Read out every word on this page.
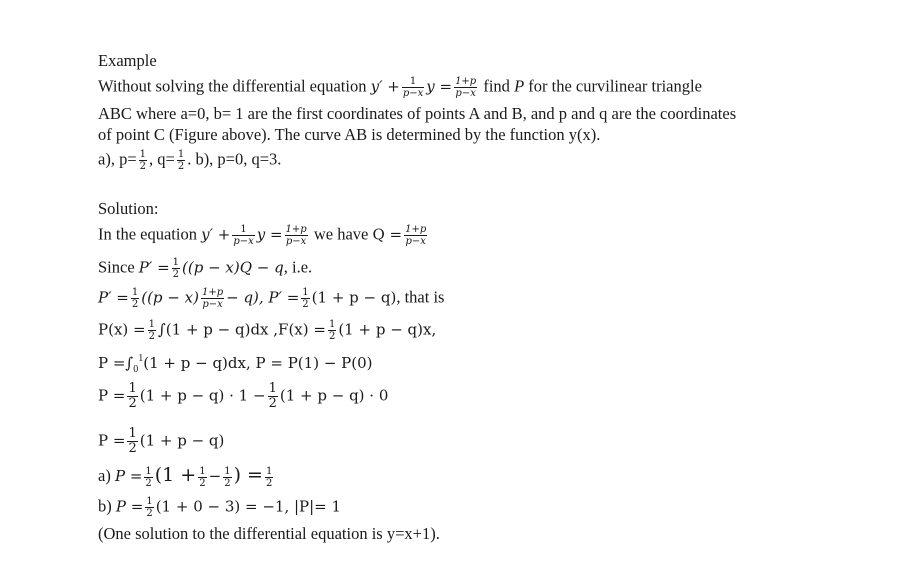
Example
Without solving the differential equation $y' + \frac{1}{p-x}$ $y = \frac{1+p}{p-x}$ find P for the curvilinear triangle
ABC where a=0, b= 1 are the first coordinates of points A and B, and p and q are the coordinates
of point C (Figure above). The curve AB is determined by the function y(x).
a), $p= \frac{1}{2}$ , $q= \frac{1}{2}$ . b), p=0, q=3.
Solution:
In the equation $y' + \frac{1}{p-x}$ $y = \frac{1+p}{p-x}$ we have $Q = \frac{1+p}{p-x}$
Since $P' = \frac{1}{2} ((p - x)Q - q$, i.e.
$P' = \frac{1}{2} ((p - x) \frac{1+p}{p-x} - q)$, $P' = \frac{1}{2} (1 + p - q)$, that is
$P(x) = \frac{1}{2} \int(1 + p - q)dx$ $,F(x) = \frac{1}{2} (1 + p - q)x$,
$P =\int_0^1(1 + p - q)dx$, P = P(1) − P(0)
$P = \frac{1}{2} (1 + p - q) \cdot 1 - \frac{1}{2} (1 + p - q) \cdot 0$
$P = \frac{1}{2} (1 + p - q)$
a) $P = \frac{1}{2} (1 + \frac{1}{2} - \frac{1}{2}$ ) = $\frac{1}{2}$
b) $P = \frac{1}{2} (1 + 0 - 3) = -1$, |P|= 1
(One solution to the differential equation is y=x+1).
